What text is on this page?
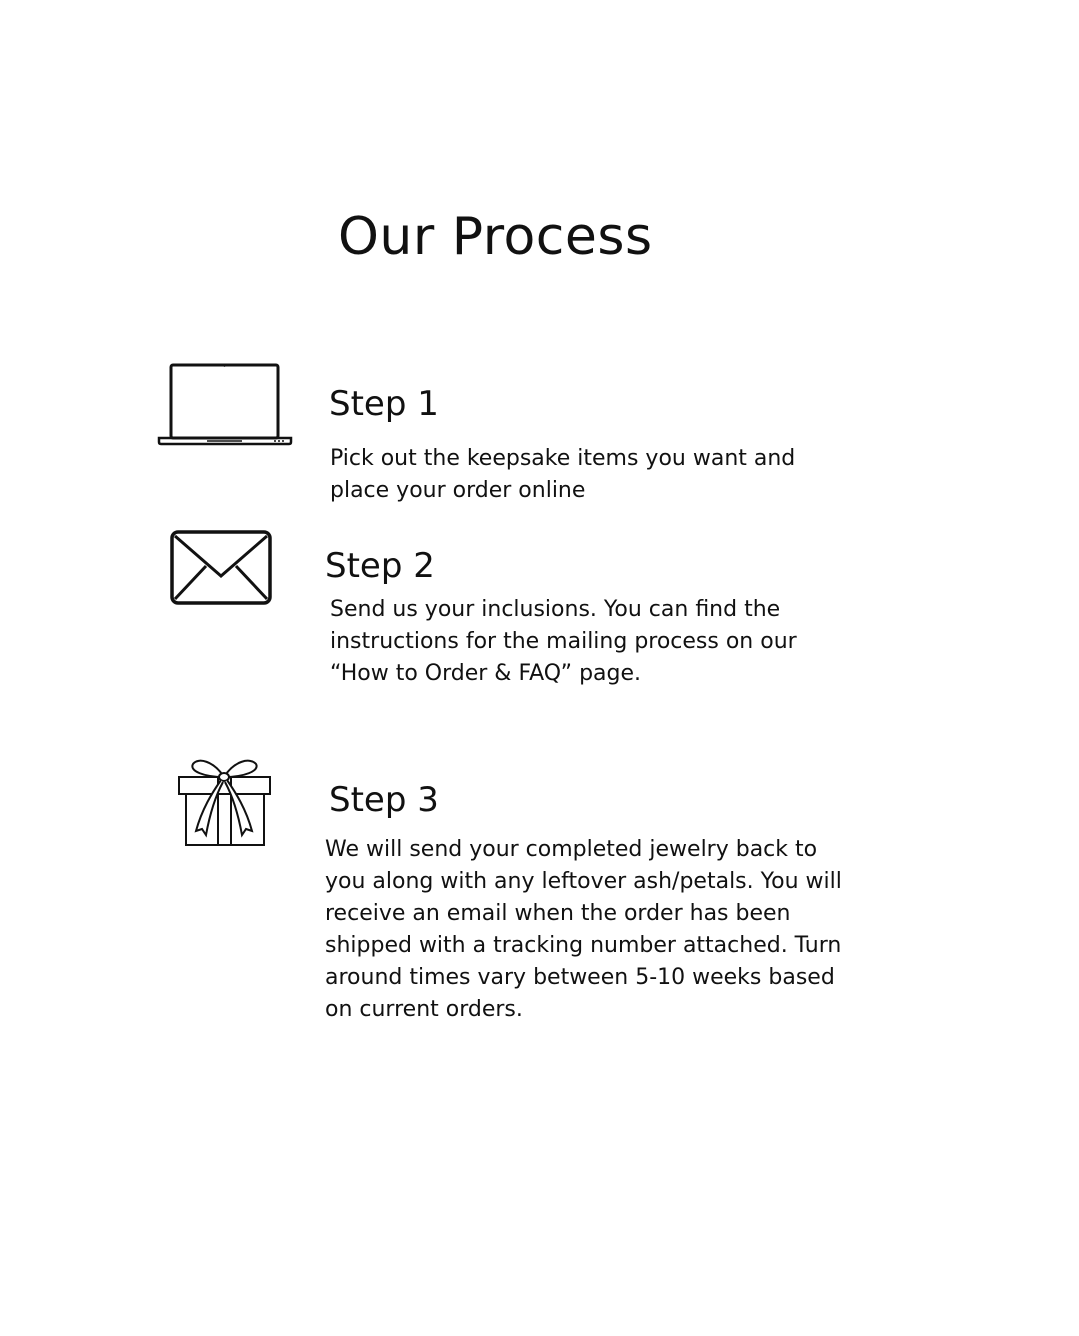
Our Process
Step 1

Pick out the keepsake items you want and place your order online

Step 2

Send us your inclusions. You can find the instructions for the mailing process on our “How to Order & FAQ” page.

Step 3

We will send your completed jewelry back to you along with any leftover ash/petals. You will receive an email when the order has been shipped with a tracking number attached. Turn around times vary between 5-10 weeks based on current orders.
